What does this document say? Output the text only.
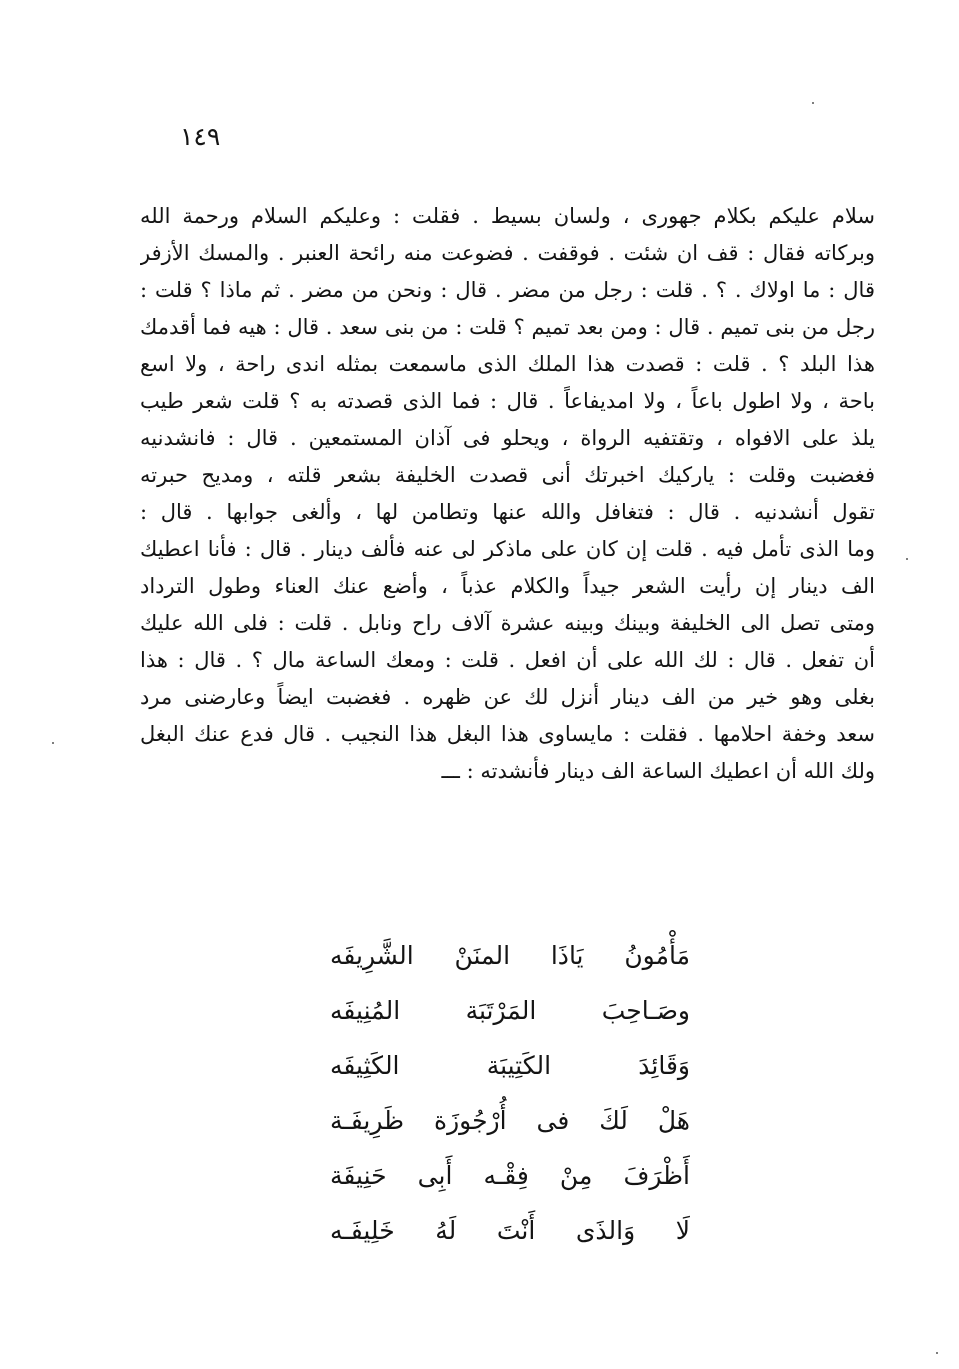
١٤٩
سلام عليكم بكلام جهورى ، ولسان بسيط . فقلت : وعليكم السلام ورحمة الله
وبركاته فقال : قف ان شئت . فوقفت . فضوعت منه رائحة العنبر . والمسك الأزفر
قال : ما اولاك . ؟ . قلت : رجل من مضر . قال : ونحن من مضر . ثم ماذا ؟ قلت :
رجل من بنى تميم . قال : ومن بعد تميم ؟ قلت : من بنى سعد . قال : هيه فما أقدمك
هذا البلد ؟ . قلت : قصدت هذا الملك الذى ماسمعت بمثله اندى راحة ، ولا اسع
باحة ، ولا اطول باعاً ، ولا امديفاعاً . قال : فما الذى قصدته به ؟ قلت شعر طيب
يلذ على الافواه ، وتقتفيه الرواة ، ويحلو فى آذان المستمعين . قال : فانشدنيه
فغضبت وقلت : ياركيك اخبرتك أنى قصدت الخليفة بشعر قلته ، ومديح حبرته
تقول أنشدنيه . قال : فتغافل والله عنها وتطامن لها ، وألغى جوابها . قال :
وما الذى تأمل فيه . قلت إن كان على ماذكر لى عنه فألف دينار . قال : فأنا اعطيك
الف دينار إن رأيت الشعر جيداً والكلام عذباً ، وأضع عنك العناء وطول الترداد
ومتى تصل الى الخليفة وبينك وبينه عشرة آلاف راح ونابل . قلت : فلى الله عليك
أن تفعل . قال : لك الله على أن افعل . قلت : ومعك الساعة مال ؟ . قال : هذا
بغلى وهو خير من الف دينار أنزل لك عن ظهره . فغضبت ايضاً وعارضنى مرد
سعد وخفة احلامها . فقلت : مايساوى هذا البغل هذا النجيب . قال فدع عنك البغل
ولك الله أن اعطيك الساعة الف دينار فأنشدته : ـــ
مَأْمُونُ يَاذَا المنَنْ الشَّرِيفَه
وصَـاحِبَ المَرْتَبَة المُنِيفَه
وَقَائِدَ الكَتِيبَة الكَثِيفَه
هَلْ لَكَ فى أُرْجُوزَة ظَرِيفَـة
أَظْرَفَ مِنْ فِقْـه أَبِى حَنِيفَة
لَا وَالذَى أَنْتَ لَهُ خَلِيفَـه
